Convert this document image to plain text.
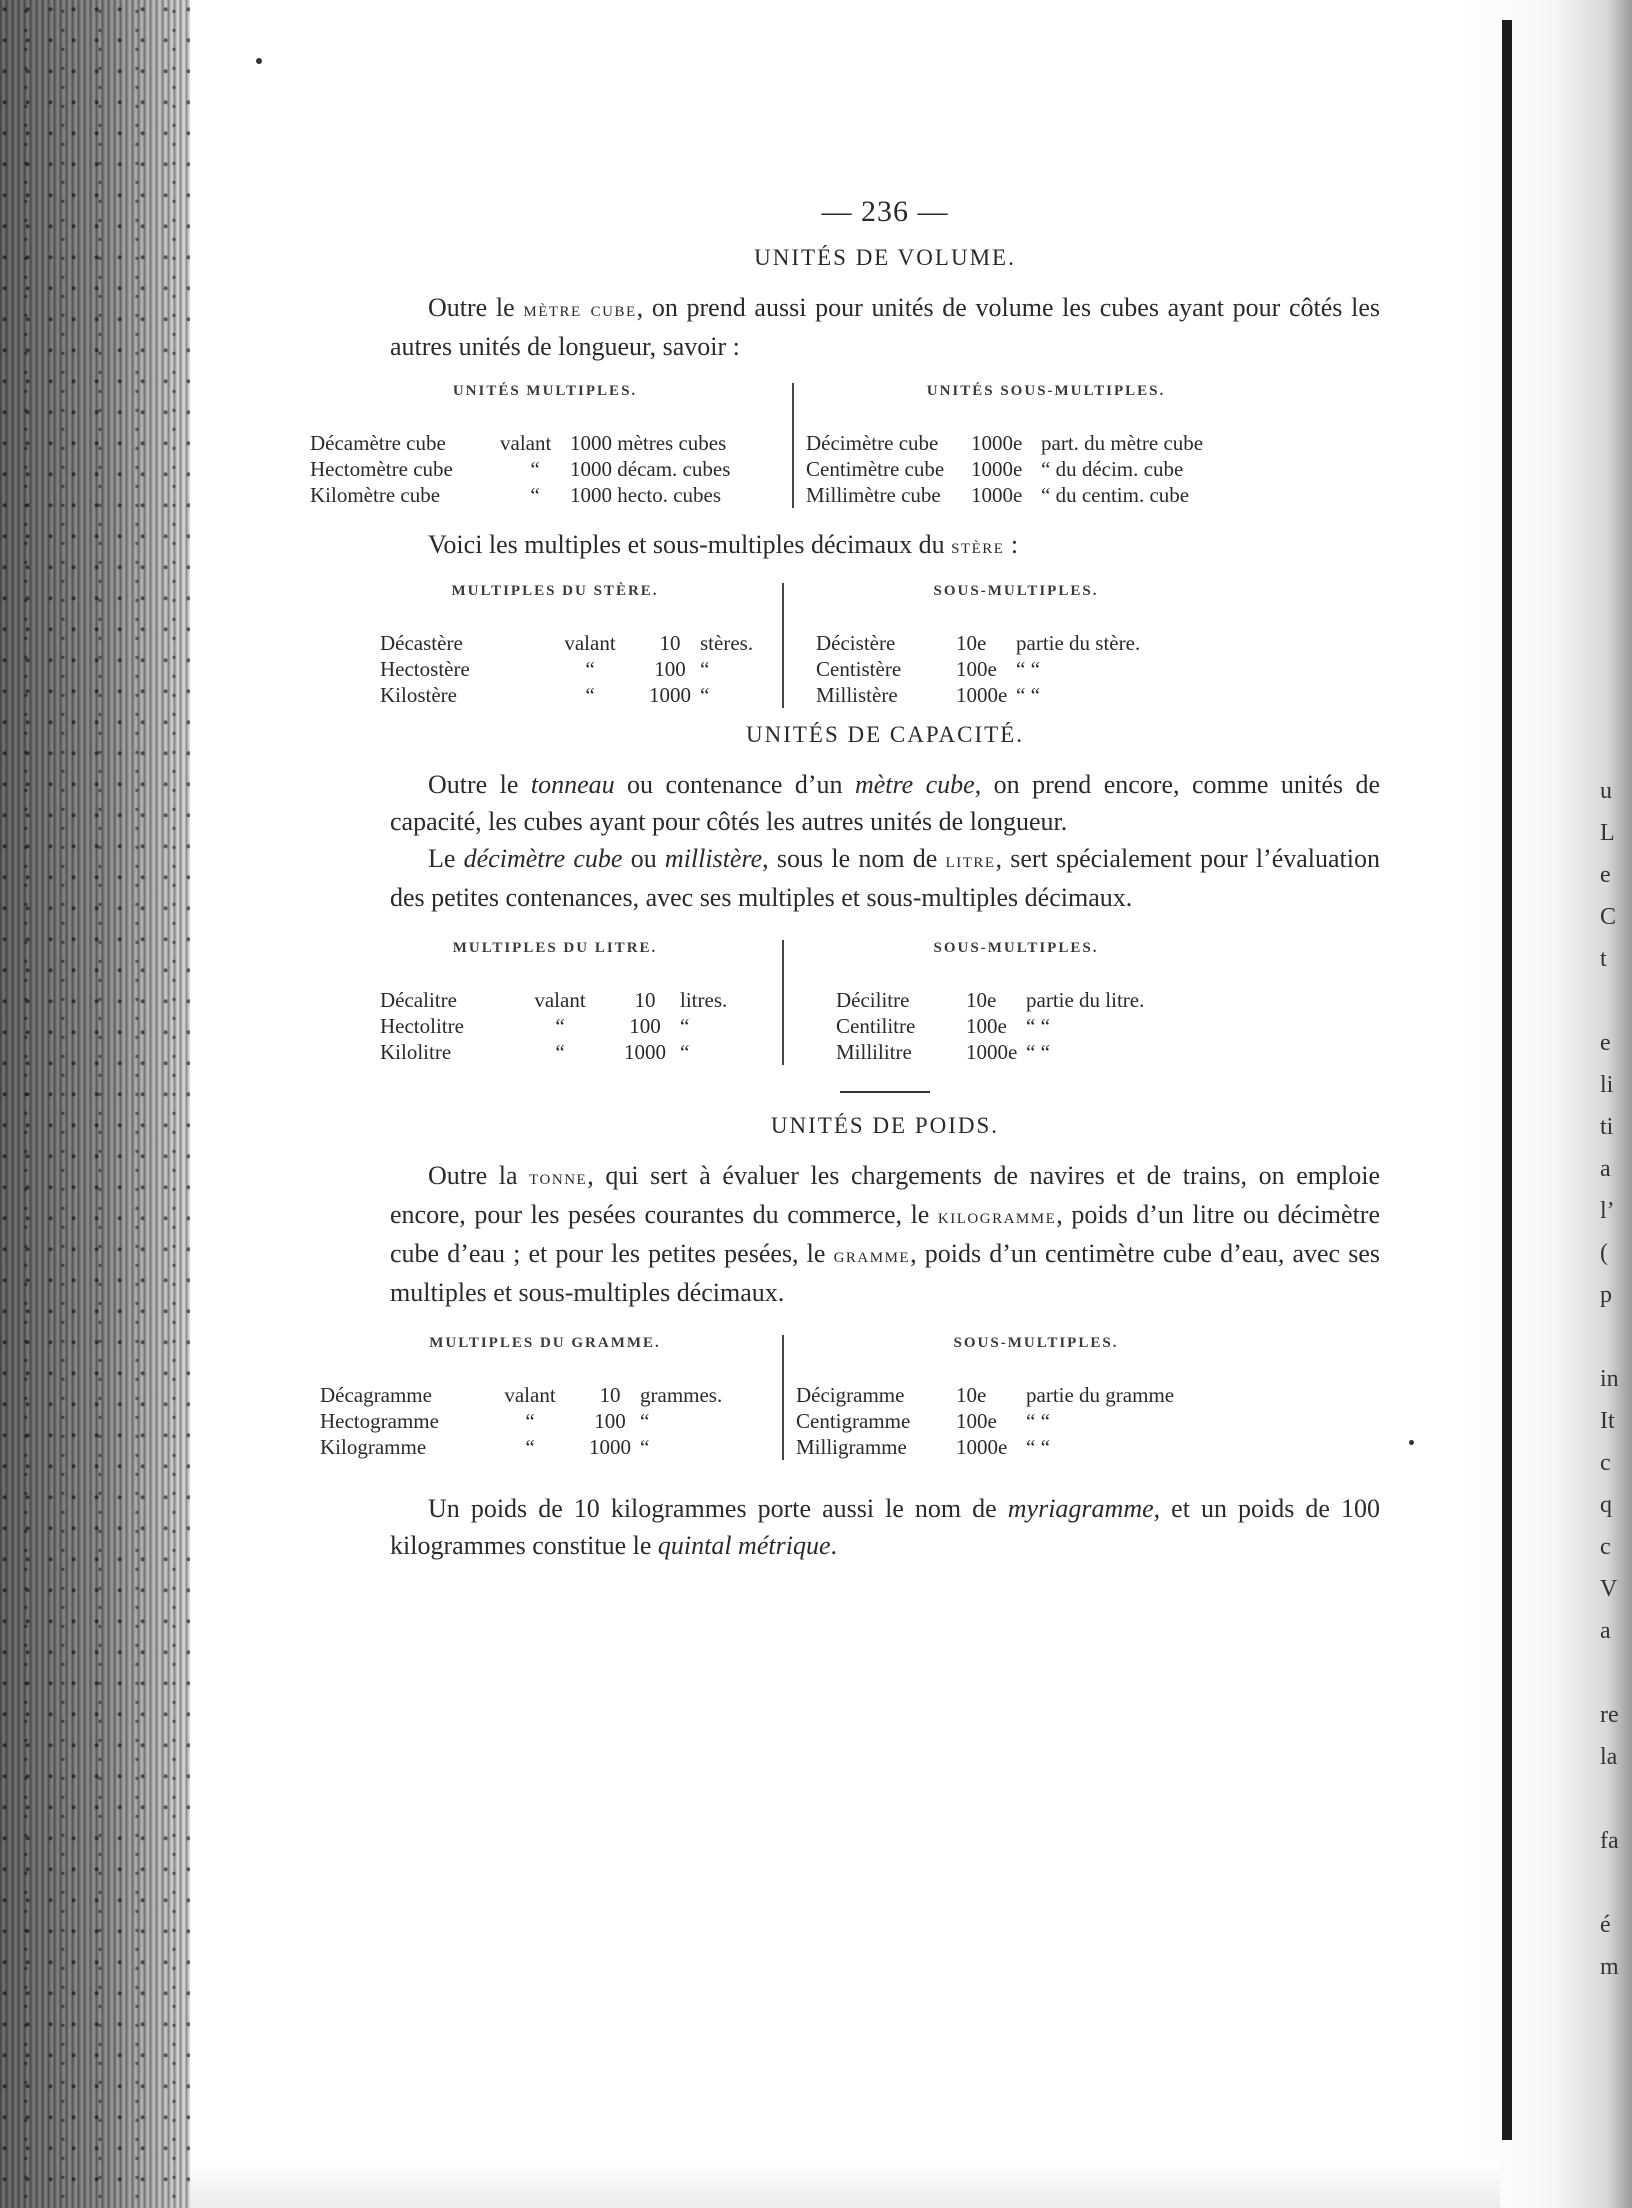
u
L
e
C
t
e
li
ti
a
l’
(
p
in
It
c
q
c
V
a
re
la
fa
é
m
— 236 —
UNITÉS DE VOLUME.

Outre le mètre cube, on prend aussi pour unités de volume les cubes ayant pour côtés les autres unités de longueur, savoir :

UNITÉS MULTIPLES.
Décamètre cube	valant 1000 mètres cubes
Hectomètre cube	“	1000 décam. cubes
Kilomètre cube	“	1000 hecto. cubes
UNITÉS SOUS-MULTIPLES.
Décimètre cube	1000e part. du mètre cube
Centimètre cube	1000e “ du décim. cube
Millimètre cube	1000e “ du centim. cube

Voici les multiples et sous-multiples décimaux du stère :

MULTIPLES DU STÈRE.
Décastère	valant	10 stères.
Hectostère	“	100 “
Kilostère	“	1000 “
SOUS-MULTIPLES.
Décistère	10e	partie du stère.
Centistère	100e “ “
Millistère	1000e “ “
UNITÉS DE CAPACITÉ.

Outre le tonneau ou contenance d’un mètre cube, on prend encore, comme unités de capacité, les cubes ayant pour côtés les autres unités de longueur.

Le décimètre cube ou millistère, sous le nom de litre, sert spécialement pour l’évaluation des petites contenances, avec ses multiples et sous-multiples décimaux.

MULTIPLES DU LITRE.
Décalitre	valant	10	litres.
Hectolitre	“	100 “
Kilolitre	“	1000 “
SOUS-MULTIPLES.
Décilitre	10e	partie du litre.
Centilitre	100e “ “
Millilitre	1000e “ “
UNITÉS DE POIDS.

Outre la tonne, qui sert à évaluer les chargements de navires et de trains, on emploie encore, pour les pesées courantes du commerce, le kilogramme, poids d’un litre ou décimètre cube d’eau ; et pour les petites pesées, le gramme, poids d’un centimètre cube d’eau, avec ses multiples et sous-multiples décimaux.

MULTIPLES DU GRAMME.
Décagramme	valant	10 grammes.
Hectogramme	“	100 “
Kilogramme	“	1000 “
SOUS-MULTIPLES.
Décigramme	10e	partie du gramme
Centigramme	100e	“ “
Milligramme	1000e “ “

Un poids de 10 kilogrammes porte aussi le nom de myriagramme, et un poids de 100 kilogrammes constitue le quintal métrique.
